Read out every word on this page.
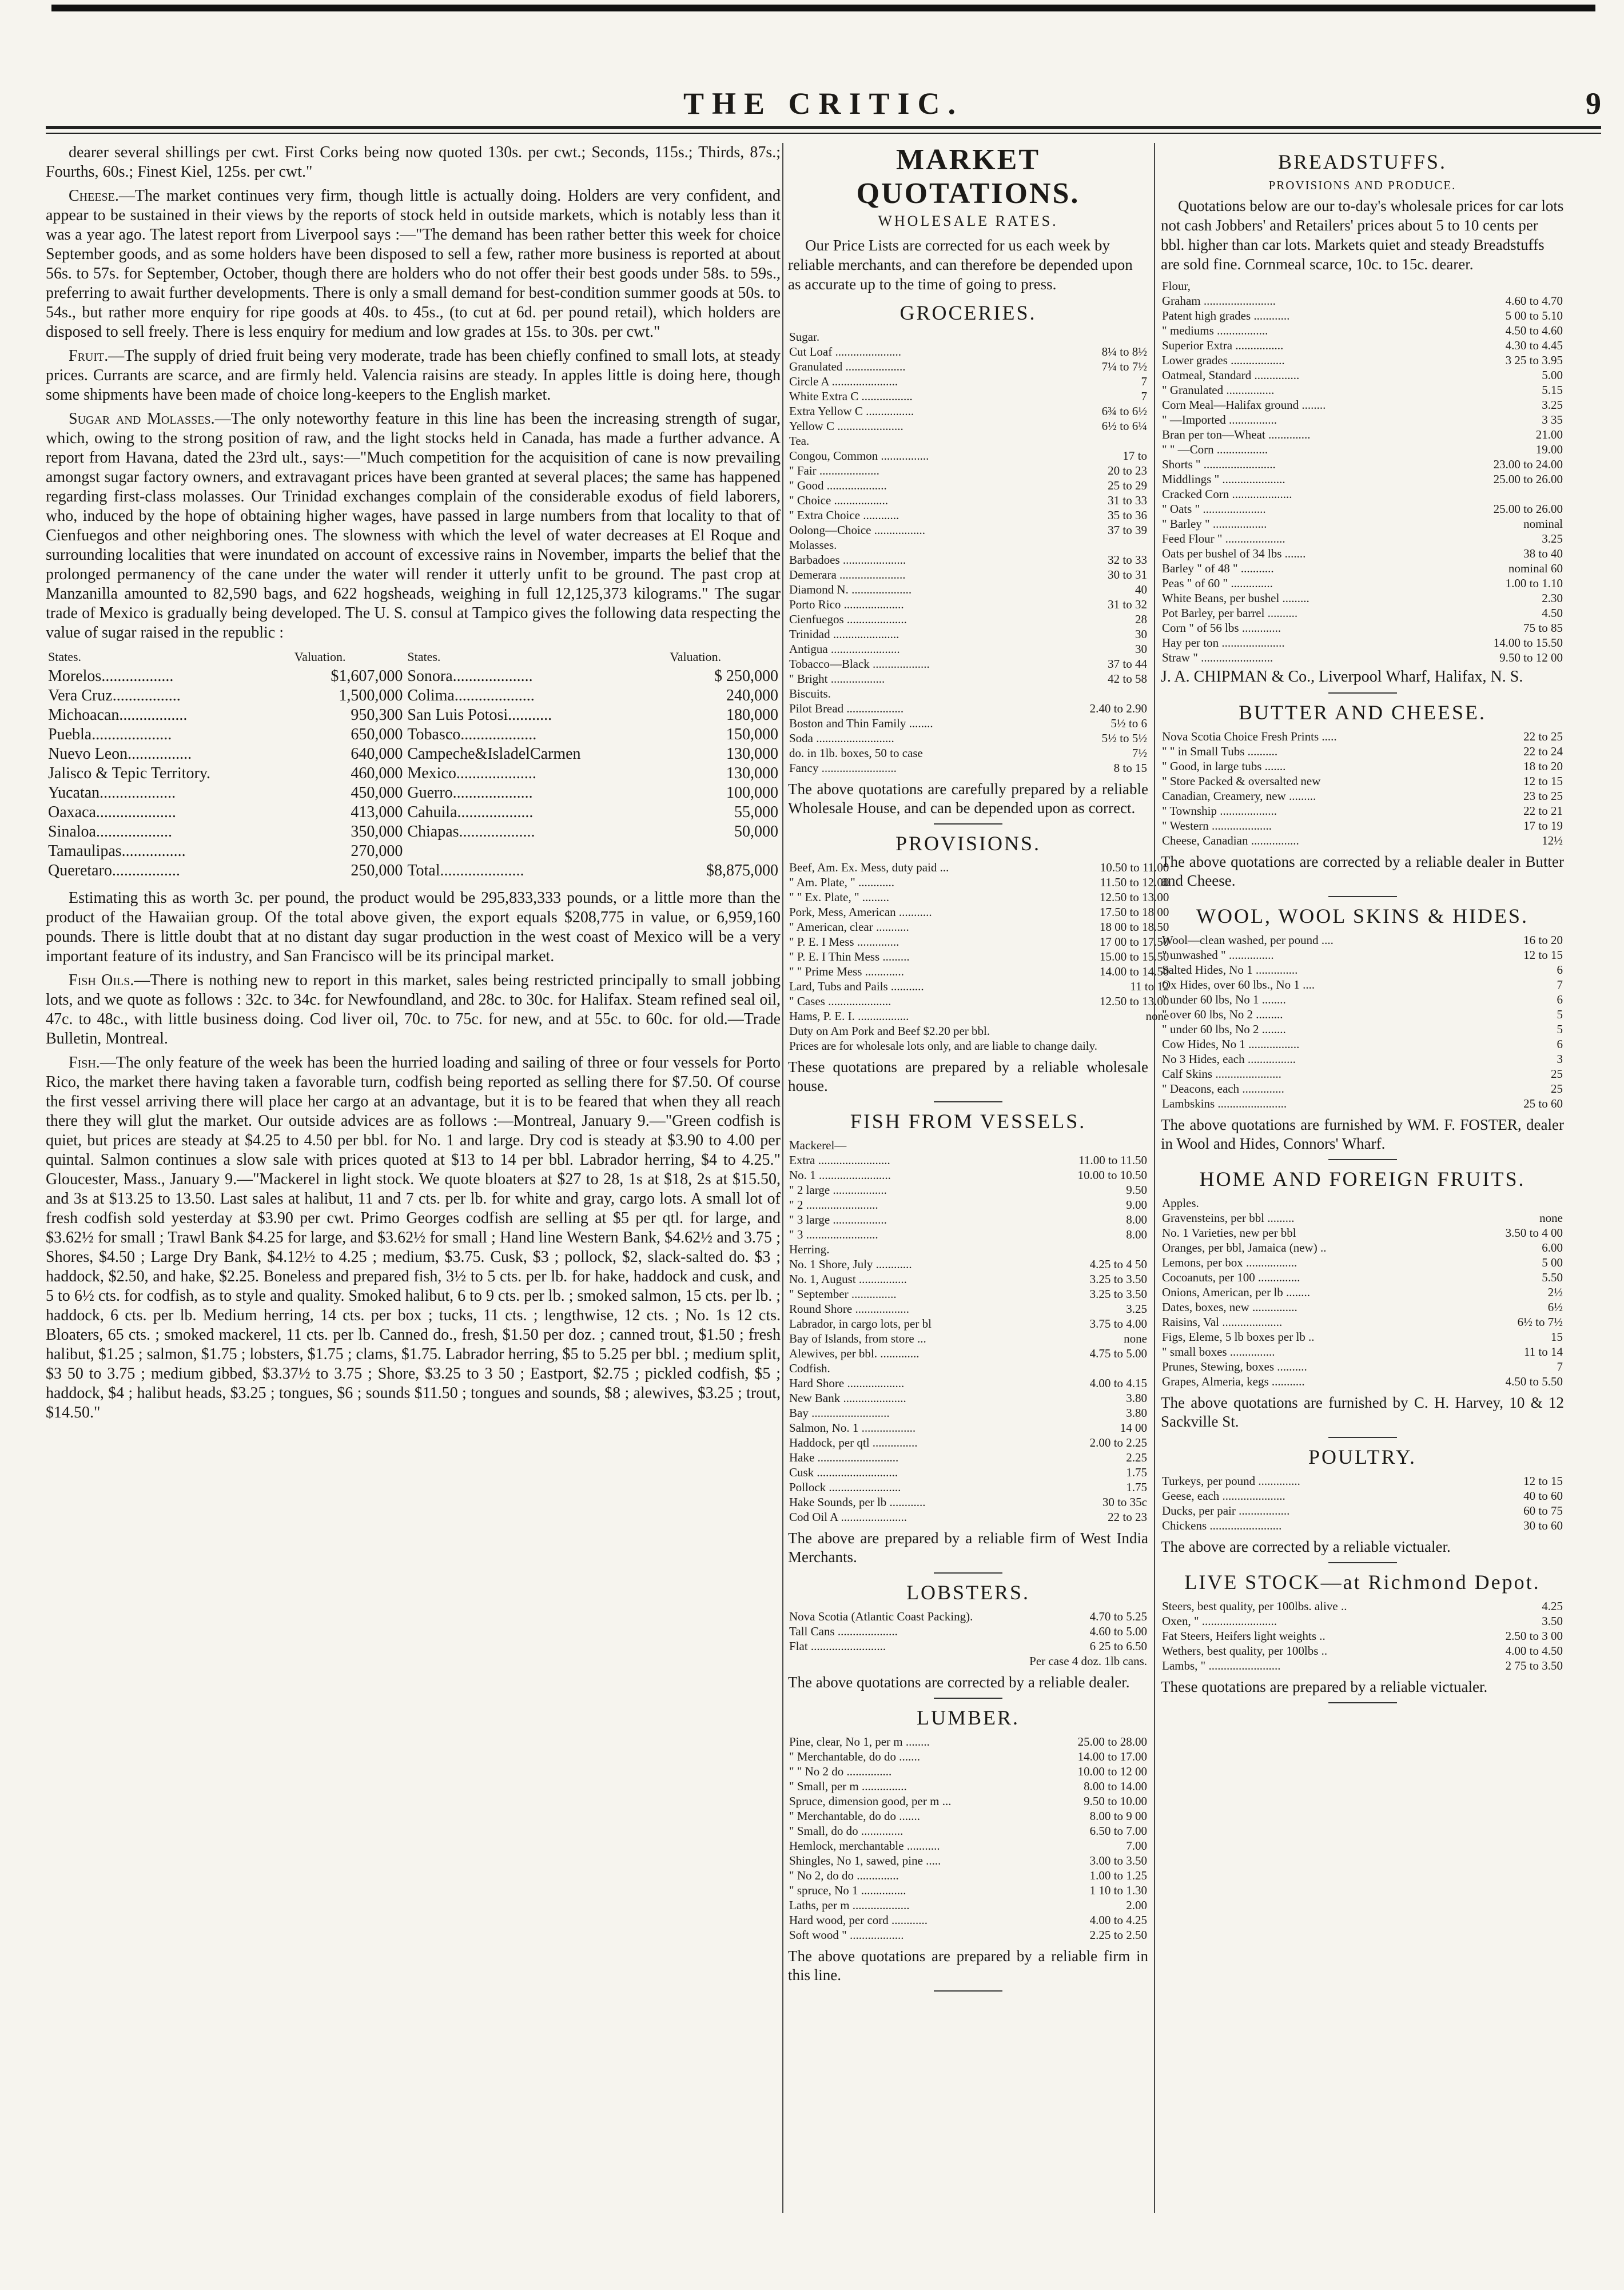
THE CRITIC.	9

dearer several shillings per cwt. First Corks being now quoted 130s. per cwt.; Seconds, 115s.; Thirds, 87s.; Fourths, 60s.; Finest Kiel, 125s. per cwt."

Cheese.—The market continues very firm, though little is actually doing. Holders are very confident, and appear to be sustained in their views by the reports of stock held in outside markets, which is notably less than it was a year ago. The latest report from Liverpool says :—"The demand has been rather better this week for choice September goods, and as some holders have been disposed to sell a few, rather more business is reported at about 56s. to 57s. for September, October, though there are holders who do not offer their best goods under 58s. to 59s., preferring to await further developments. There is only a small demand for best-condition summer goods at 50s. to 54s., but rather more enquiry for ripe goods at 40s. to 45s., (to cut at 6d. per pound retail), which holders are disposed to sell freely. There is less enquiry for medium and low grades at 15s. to 30s. per cwt."

Fruit.—The supply of dried fruit being very moderate, trade has been chiefly confined to small lots, at steady prices. Currants are scarce, and are firmly held. Valencia raisins are steady. In apples little is doing here, though some shipments have been made of choice long-keepers to the English market.

Sugar and Molasses.—The only noteworthy feature in this line has been the increasing strength of sugar, which, owing to the strong position of raw, and the light stocks held in Canada, has made a further advance. A report from Havana, dated the 23rd ult., says:—"Much competition for the acquisition of cane is now prevailing amongst sugar factory owners, and extravagant prices have been granted at several places; the same has happened regarding first-class molasses. Our Trinidad exchanges complain of the considerable exodus of field laborers, who, induced by the hope of obtaining higher wages, have passed in large numbers from that locality to that of Cienfuegos and other neighboring ones. The slowness with which the level of water decreases at El Roque and surrounding localities that were inundated on account of excessive rains in November, imparts the belief that the prolonged permanency of the cane under the water will render it utterly unfit to be ground. The past crop at Manzanilla amounted to 82,590 bags, and 622 hogsheads, weighing in full 12,125,373 kilograms." The sugar trade of Mexico is gradually being developed. The U. S. consul at Tampico gives the following data respecting the value of sugar raised in the republic :

States.	Valuation.	States.	Valuation.
Morelos..................	$1,607,000	Sonora....................	$ 250,000
Vera Cruz.................	1,500,000	Colima....................	240,000
Michoacan.................	950,300	San Luis Potosi...........	180,000
Puebla....................	650,000	Tobasco...................	150,000
Nuevo Leon................	640,000	Campeche&IsladelCarmen	130,000
Jalisco & Tepic Territory.	460,000	Mexico....................	130,000
Yucatan...................	450,000	Guerro....................	100,000
Oaxaca....................	413,000	Cahuila...................	55,000
Sinaloa...................	350,000	Chiapas...................	50,000
Tamaulipas................	270,000		
Queretaro.................	250,000	Total.....................	$8,875,000

Estimating this as worth 3c. per pound, the product would be 295,833,333 pounds, or a little more than the product of the Hawaiian group. Of the total above given, the export equals $208,775 in value, or 6,959,160 pounds. There is little doubt that at no distant day sugar production in the west coast of Mexico will be a very important feature of its industry, and San Francisco will be its principal market.

Fish Oils.—There is nothing new to report in this market, sales being restricted principally to small jobbing lots, and we quote as follows : 32c. to 34c. for Newfoundland, and 28c. to 30c. for Halifax. Steam refined seal oil, 47c. to 48c., with little business doing. Cod liver oil, 70c. to 75c. for new, and at 55c. to 60c. for old.—Trade Bulletin, Montreal.

Fish.—The only feature of the week has been the hurried loading and sailing of three or four vessels for Porto Rico, the market there having taken a favorable turn, codfish being reported as selling there for $7.50. Of course the first vessel arriving there will place her cargo at an advantage, but it is to be feared that when they all reach there they will glut the market. Our outside advices are as follows :—Montreal, January 9.—"Green codfish is quiet, but prices are steady at $4.25 to 4.50 per bbl. for No. 1 and large. Dry cod is steady at $3.90 to 4.00 per quintal. Salmon continues a slow sale with prices quoted at $13 to 14 per bbl. Labrador herring, $4 to 4.25." Gloucester, Mass., January 9.—"Mackerel in light stock. We quote bloaters at $27 to 28, 1s at $18, 2s at $15.50, and 3s at $13.25 to 13.50. Last sales at halibut, 11 and 7 cts. per lb. for white and gray, cargo lots. A small lot of fresh codfish sold yesterday at $3.90 per cwt. Primo Georges codfish are selling at $5 per qtl. for large, and $3.62½ for small ; Trawl Bank $4.25 for large, and $3.62½ for small ; Hand line Western Bank, $4.62½ and 3.75 ; Shores, $4.50 ; Large Dry Bank, $4.12½ to 4.25 ; medium, $3.75. Cusk, $3 ; pollock, $2, slack-salted do. $3 ; haddock, $2.50, and hake, $2.25. Boneless and prepared fish, 3½ to 5 cts. per lb. for hake, haddock and cusk, and 5 to 6½ cts. for codfish, as to style and quality. Smoked halibut, 6 to 9 cts. per lb. ; smoked salmon, 15 cts. per lb. ; haddock, 6 cts. per lb. Medium herring, 14 cts. per box ; tucks, 11 cts. ; lengthwise, 12 cts. ; No. 1s 12 cts. Bloaters, 65 cts. ; smoked mackerel, 11 cts. per lb. Canned do., fresh, $1.50 per doz. ; canned trout, $1.50 ; fresh halibut, $1.25 ; salmon, $1.75 ; lobsters, $1.75 ; clams, $1.75. Labrador herring, $5 to 5.25 per bbl. ; medium split, $3 50 to 3.75 ; medium gibbed, $3.37½ to 3.75 ; Shore, $3.25 to 3 50 ; Eastport, $2.75 ; pickled codfish, $5 ; haddock, $4 ; halibut heads, $3.25 ; tongues, $6 ; sounds $11.50 ; tongues and sounds, $8 ; alewives, $3.25 ; trout, $14.50."

MARKET QUOTATIONS.
WHOLESALE RATES.

Our Price Lists are corrected for us each week by reliable merchants, and can therefore be depended upon as accurate up to the time of going to press.

GROCERIES.
Sugar.	
Cut Loaf ......................	8¼ to 8½
Granulated ....................	7¼ to 7½
Circle A ......................	7
White Extra C .................	7
Extra Yellow C ................	6¾ to 6½
Yellow C ......................	6½ to 6¼
Tea.	
Congou, Common ................	17 to
" Fair ....................	20 to 23
" Good ....................	25 to 29
" Choice ..................	31 to 33
" Extra Choice ............	35 to 36
Oolong—Choice .................	37 to 39
Molasses.	
Barbadoes .....................	32 to 33
Demerara ......................	30 to 31
Diamond N. ....................	40
Porto Rico ....................	31 to 32
Cienfuegos ....................	28
Trinidad ......................	30
Antigua .......................	30
Tobacco—Black ...................	37 to 44
" Bright ..................	42 to 58
Biscuits.	
Pilot Bread ...................	2.40 to 2.90
Boston and Thin Family ........	5½ to 6
Soda ..........................	5½ to 5½
do. in 1lb. boxes, 50 to case	7½
Fancy .........................	8 to 15

The above quotations are carefully prepared by a reliable Wholesale House, and can be depended upon as correct.

PROVISIONS.
Beef, Am. Ex. Mess, duty paid ...	10.50 to 11.00
" Am. Plate, " ............	11.50 to 12.00
" " Ex. Plate, " .........	12.50 to 13.00
Pork, Mess, American ...........	17.50 to 18 00
" American, clear ...........	18 00 to 18.50
" P. E. I Mess ..............	17 00 to 17.50
" P. E. I Thin Mess .........	15.00 to 15.50
" " Prime Mess .............	14.00 to 14.50
Lard, Tubs and Pails ...........	11 to 12
" Cases .....................	12.50 to 13.00
Hams, P. E. I. .................	none
Duty on Am Pork and Beef $2.20 per bbl.	
Prices are for wholesale lots only, and are liable to change daily.	

These quotations are prepared by a reliable wholesale house.

FISH FROM VESSELS.
Mackerel—	
Extra ........................	11.00 to 11.50
No. 1 ........................	10.00 to 10.50
" 2 large ..................	9.50
" 2 ........................	9.00
" 3 large ..................	8.00
" 3 ........................	8.00
Herring.	
No. 1 Shore, July ............	4.25 to 4 50
No. 1, August ................	3.25 to 3.50
" September ...............	3.25 to 3.50
Round Shore ..................	3.25
Labrador, in cargo lots, per bl	3.75 to 4.00
Bay of Islands, from store ...	none
Alewives, per bbl. .............	4.75 to 5.00
Codfish.	
Hard Shore ...................	4.00 to 4.15
New Bank .....................	3.80
Bay ..........................	3.80
Salmon, No. 1 ..................	14 00
Haddock, per qtl ...............	2.00 to 2.25
Hake ...........................	2.25
Cusk ...........................	1.75
Pollock ........................	1.75
Hake Sounds, per lb ............	30 to 35c
Cod Oil A ......................	22 to 23

The above are prepared by a reliable firm of West India Merchants.

LOBSTERS.
Nova Scotia (Atlantic Coast Packing).	4.70 to 5.25
Tall Cans ....................	4.60 to 5.00
Flat .........................	6 25 to 6.50
	Per case 4 doz. 1lb cans.

The above quotations are corrected by a reliable dealer.

LUMBER.
Pine, clear, No 1, per m ........	25.00 to 28.00
" Merchantable, do do .......	14.00 to 17.00
" " No 2 do ...............	10.00 to 12 00
" Small, per m ...............	8.00 to 14.00
Spruce, dimension good, per m ...	9.50 to 10.00
" Merchantable, do do .......	8.00 to 9 00
" Small, do do ..............	6.50 to 7.00
Hemlock, merchantable ...........	7.00
Shingles, No 1, sawed, pine .....	3.00 to 3.50
" No 2, do do ..............	1.00 to 1.25
" spruce, No 1 ...............	1 10 to 1.30
Laths, per m ...................	2.00
Hard wood, per cord ............	4.00 to 4.25
Soft wood " ..................	2.25 to 2.50

The above quotations are prepared by a reliable firm in this line.

BREADSTUFFS.
PROVISIONS AND PRODUCE.

Quotations below are our to-day's wholesale prices for car lots not cash Jobbers' and Retailers' prices about 5 to 10 cents per bbl. higher than car lots. Markets quiet and steady Breadstuffs are sold fine. Cornmeal scarce, 10c. to 15c. dearer.

Flour,	
Graham ........................	4.60 to 4.70
Patent high grades ............	5 00 to 5.10
" mediums .................	4.50 to 4.60
Superior Extra ................	4.30 to 4.45
Lower grades ..................	3 25 to 3.95
Oatmeal, Standard ...............	5.00
" Granulated ................	5.15
Corn Meal—Halifax ground ........	3.25
" —Imported ................	3 35
Bran per ton—Wheat ..............	21.00
" " —Corn .................	19.00
Shorts " ........................	23.00 to 24.00
Middlings " .....................	25.00 to 26.00
Cracked Corn ....................	
" Oats " .....................	25.00 to 26.00
" Barley " ..................	nominal
Feed Flour " ....................	3.25
Oats per bushel of 34 lbs .......	38 to 40
Barley " of 48 " ...........	nominal 60
Peas " of 60 " ..............	1.00 to 1.10
White Beans, per bushel .........	2.30
Pot Barley, per barrel ..........	4.50
Corn " of 56 lbs .............	75 to 85
Hay per ton .....................	14.00 to 15.50
Straw " ........................	9.50 to 12 00

J. A. CHIPMAN & Co., Liverpool Wharf, Halifax, N. S.

BUTTER AND CHEESE.
Nova Scotia Choice Fresh Prints .....	22 to 25
" " in Small Tubs ..........	22 to 24
" Good, in large tubs .......	18 to 20
" Store Packed & oversalted new	12 to 15
Canadian, Creamery, new .........	23 to 25
" Township ...................	22 to 21
" Western ....................	17 to 19
Cheese, Canadian ................	12½

The above quotations are corrected by a reliable dealer in Butter and Cheese.

WOOL, WOOL SKINS & HIDES.
Wool—clean washed, per pound ....	16 to 20
" unwashed " ...............	12 to 15
Salted Hides, No 1 ..............	6
Ox Hides, over 60 lbs., No 1 ....	7
" under 60 lbs, No 1 ........	6
" over 60 lbs, No 2 .........	5
" under 60 lbs, No 2 ........	5
Cow Hides, No 1 .................	6
No 3 Hides, each ................	3
Calf Skins ......................	25
" Deacons, each ..............	25
Lambskins .......................	25 to 60

The above quotations are furnished by WM. F. FOSTER, dealer in Wool and Hides, Connors' Wharf.

HOME AND FOREIGN FRUITS.
Apples.	
Gravensteins, per bbl .........	none
No. 1 Varieties, new per bbl	3.50 to 4 00
Oranges, per bbl, Jamaica (new) ..	6.00
Lemons, per box .................	5 00
Cocoanuts, per 100 ..............	5.50
Onions, American, per lb ........	2½
Dates, boxes, new ...............	6½
Raisins, Val ....................	6½ to 7½
Figs, Eleme, 5 lb boxes per lb ..	15
" small boxes ...............	11 to 14
Prunes, Stewing, boxes ..........	7
Grapes, Almeria, kegs ...........	4.50 to 5.50

The above quotations are furnished by C. H. Harvey, 10 & 12 Sackville St.

POULTRY.
Turkeys, per pound ..............	12 to 15
Geese, each .....................	40 to 60
Ducks, per pair .................	60 to 75
Chickens ........................	30 to 60

The above are corrected by a reliable victualer.

LIVE STOCK—at Richmond Depot.
Steers, best quality, per 100lbs. alive ..	4.25
Oxen, " .........................	3.50
Fat Steers, Heifers light weights ..	2.50 to 3 00
Wethers, best quality, per 100lbs ..	4.00 to 4.50
Lambs, " ........................	2 75 to 3.50

These quotations are prepared by a reliable victualer.
